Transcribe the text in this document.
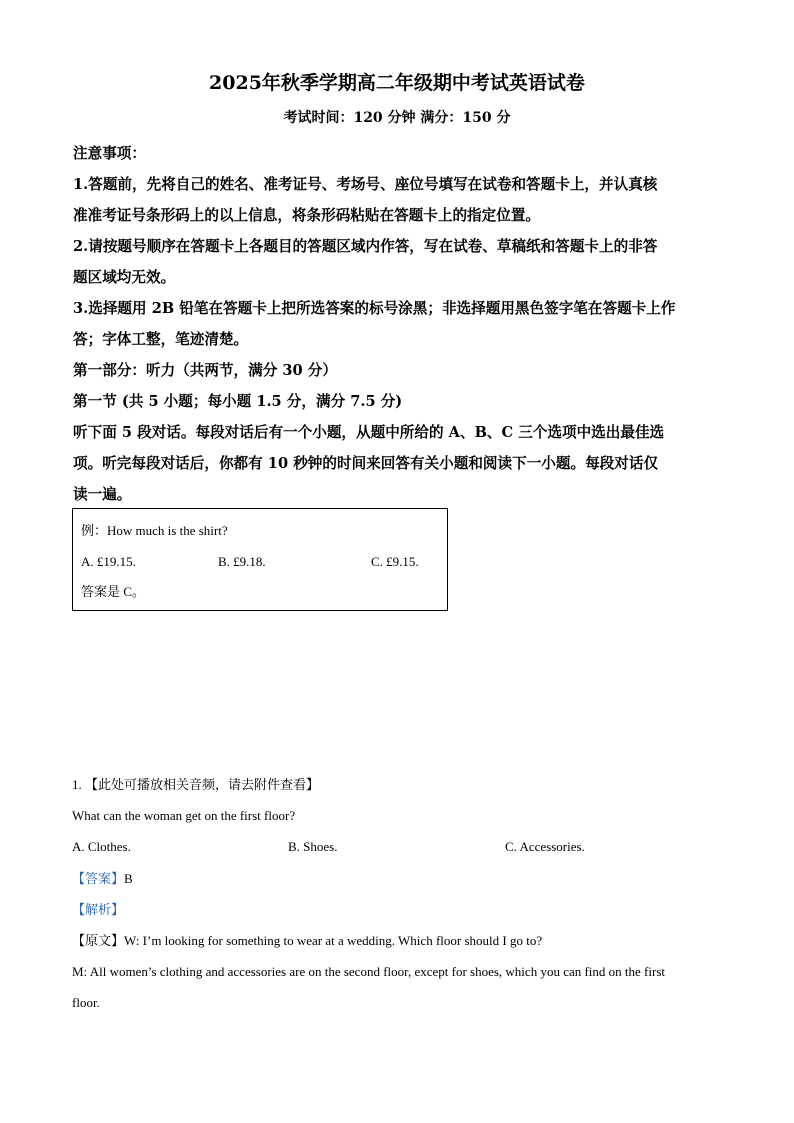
2025年秋季学期高二年级期中考试英语试卷
考试时间：120 分钟 满分：150 分
注意事项：
1.答题前，先将自己的姓名、准考证号、考场号、座位号填写在试卷和答题卡上，并认真核
准准考证号条形码上的以上信息，将条形码粘贴在答题卡上的指定位置。
2.请按题号顺序在答题卡上各题目的答题区域内作答，写在试卷、草稿纸和答题卡上的非答
题区域均无效。
3.选择题用 2B 铅笔在答题卡上把所选答案的标号涂黑；非选择题用黑色签字笔在答题卡上作
答；字体工整，笔迹清楚。
第一部分：听力（共两节，满分 30 分）
第一节 (共 5 小题；每小题 1.5 分，满分 7.5 分)
听下面 5 段对话。每段对话后有一个小题，从题中所给的 A、B、C 三个选项中选出最佳选
项。听完每段对话后，你都有 10 秒钟的时间来回答有关小题和阅读下一小题。每段对话仅
读一遍。
例：How much is the shirt?
A. £19.15.	B. £9.18.	C. £9.15.
答案是 C。
1. 【此处可播放相关音频，请去附件查看】
What can the woman get on the first floor?
A. Clothes.	B. Shoes.	C. Accessories.
【答案】B
【解析】
【原文】W: I’m looking for something to wear at a wedding. Which floor should I go to?
M: All women’s clothing and accessories are on the second floor, except for shoes, which you can find on the first
floor.
